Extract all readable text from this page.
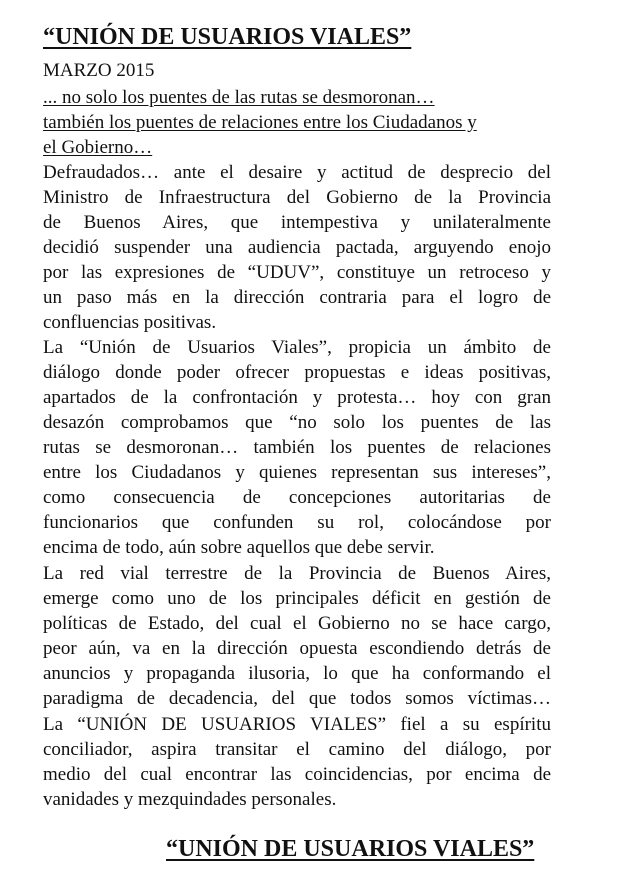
“UNIÓN DE USUARIOS VIALES”
MARZO 2015
... no solo los puentes de las rutas se desmoronan…
también los puentes de relaciones entre los Ciudadanos y
el Gobierno…
Defraudados… ante el desaire y actitud de desprecio del
Ministro de Infraestructura del Gobierno de la Provincia
de Buenos Aires, que intempestiva y unilateralmente
decidió suspender una audiencia pactada, arguyendo enojo
por las expresiones de “UDUV”, constituye un retroceso y
un paso más en la dirección contraria para el logro de
confluencias positivas.
La “Unión de Usuarios Viales”, propicia un ámbito de
diálogo donde poder ofrecer propuestas e ideas positivas,
apartados de la confrontación y protesta… hoy con gran
desazón comprobamos que “no solo los puentes de las
rutas se desmoronan… también los puentes de relaciones
entre los Ciudadanos y quienes representan sus intereses”,
como consecuencia de concepciones autoritarias de
funcionarios que confunden su rol, colocándose por
encima de todo, aún sobre aquellos que debe servir.
La red vial terrestre de la Provincia de Buenos Aires,
emerge como uno de los principales déficit en gestión de
políticas de Estado, del cual el Gobierno no se hace cargo,
peor aún, va en la dirección opuesta escondiendo detrás de
anuncios y propaganda ilusoria, lo que ha conformando el
paradigma de decadencia, del que todos somos víctimas…
La “UNIÓN DE USUARIOS VIALES” fiel a su espíritu
conciliador, aspira transitar el camino del diálogo, por
medio del cual encontrar las coincidencias, por encima de
vanidades y mezquindades personales.
“UNIÓN DE USUARIOS VIALES”
